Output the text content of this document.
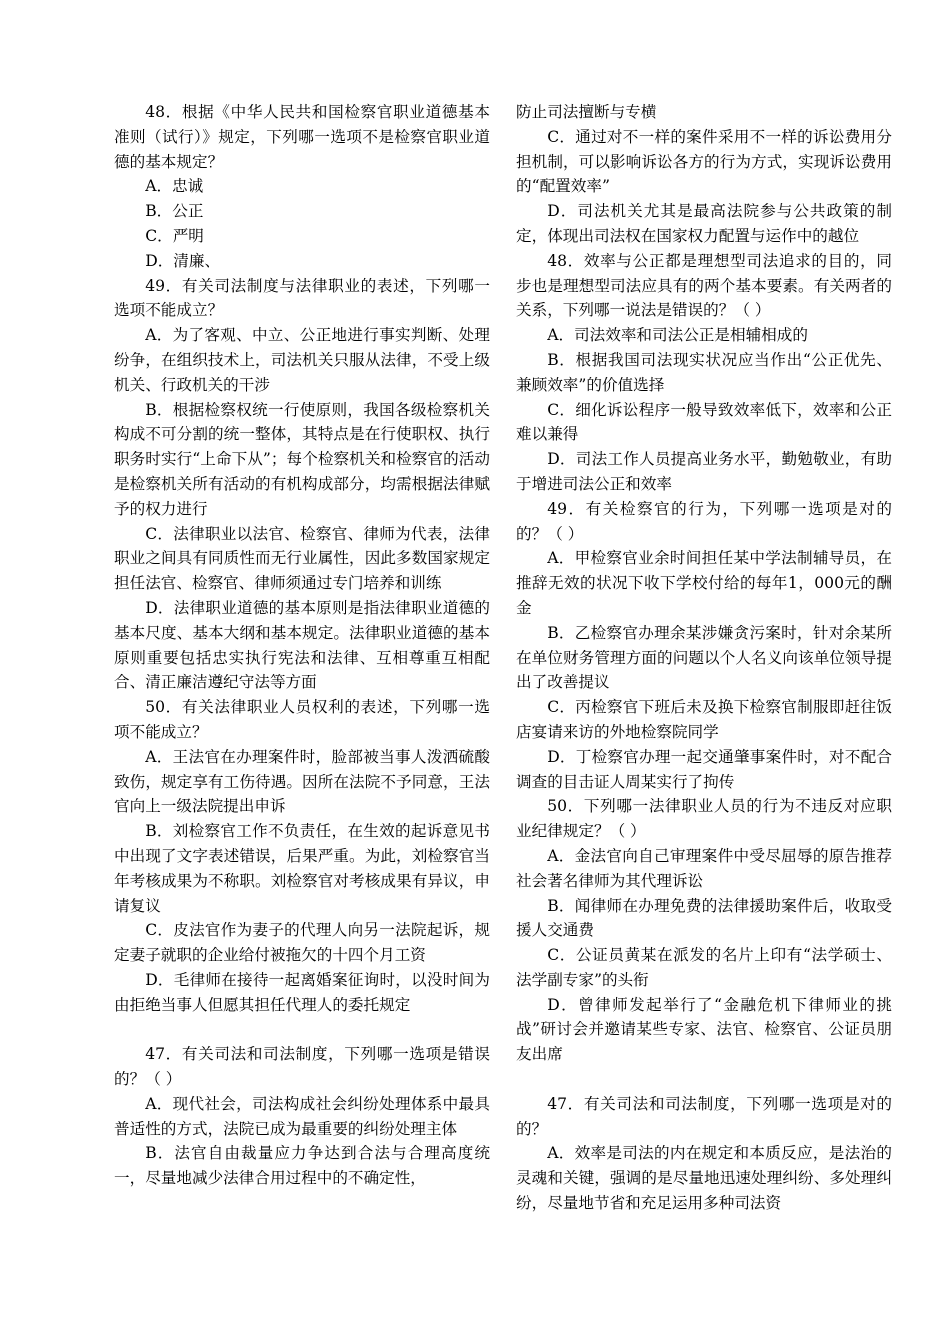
48．根据《中华人民共和国检察官职业道德基本准则（试行）》规定，下列哪一选项不是检察官职业道德的基本规定？

A．忠诚

B．公正

C．严明

D．清廉、

49．有关司法制度与法律职业的表述，下列哪一选项不能成立？

A．为了客观、中立、公正地进行事实判断、处理纷争，在组织技术上，司法机关只服从法律，不受上级机关、行政机关的干涉

B．根据检察权统一行使原则，我国各级检察机关构成不可分割的统一整体，其特点是在行使职权、执行职务时实行“上命下从”；每个检察机关和检察官的活动是检察机关所有活动的有机构成部分，均需根据法律赋予的权力进行

C．法律职业以法官、检察官、律师为代表，法律职业之间具有同质性而无行业属性，因此多数国家规定担任法官、检察官、律师须通过专门培养和训练

D．法律职业道德的基本原则是指法律职业道德的基本尺度、基本大纲和基本规定。法律职业道德的基本原则重要包括忠实执行宪法和法律、互相尊重互相配合、清正廉洁遵纪守法等方面

50．有关法律职业人员权利的表述，下列哪一选项不能成立？

A．王法官在办理案件时，脸部被当事人泼洒硫酸致伤，规定享有工伤待遇。因所在法院不予同意，王法官向上一级法院提出申诉

B．刘检察官工作不负责任，在生效的起诉意见书中出现了文字表述错误，后果严重。为此，刘检察官当年考核成果为不称职。刘检察官对考核成果有异议，申请复议

C．皮法官作为妻子的代理人向另一法院起诉，规定妻子就职的企业给付被拖欠的十四个月工资

D．毛律师在接待一起离婚案征询时，以没时间为由拒绝当事人但愿其担任代理人的委托规定

47．有关司法和司法制度，下列哪一选项是错误的？（ ）

A．现代社会，司法构成社会纠纷处理体系中最具普适性的方式，法院已成为最重要的纠纷处理主体

B．法官自由裁量应力争达到合法与合理高度统一，尽量地减少法律合用过程中的不确定性，

防止司法擅断与专横

C．通过对不一样的案件采用不一样的诉讼费用分担机制，可以影响诉讼各方的行为方式，实现诉讼费用的“配置效率”

D．司法机关尤其是最高法院参与公共政策的制定，体现出司法权在国家权力配置与运作中的越位

48．效率与公正都是理想型司法追求的目的，同步也是理想型司法应具有的两个基本要素。有关两者的关系，下列哪一说法是错误的？（ ）

A．司法效率和司法公正是相辅相成的

B．根据我国司法现实状况应当作出“公正优先、兼顾效率”的价值选择

C．细化诉讼程序一般导致效率低下，效率和公正难以兼得

D．司法工作人员提高业务水平，勤勉敬业，有助于增进司法公正和效率

49．有关检察官的行为，下列哪一选项是对的的？（ ）

A．甲检察官业余时间担任某中学法制辅导员，在推辞无效的状况下收下学校付给的每年1，000元的酬金

B．乙检察官办理余某涉嫌贪污案时，针对余某所在单位财务管理方面的问题以个人名义向该单位领导提出了改善提议

C．丙检察官下班后未及换下检察官制服即赶往饭店宴请来访的外地检察院同学

D．丁检察官办理一起交通肇事案件时，对不配合调查的目击证人周某实行了拘传

50．下列哪一法律职业人员的行为不违反对应职业纪律规定？（ ）

A．金法官向自己审理案件中受尽屈辱的原告推荐社会著名律师为其代理诉讼

B．闻律师在办理免费的法律援助案件后，收取受援人交通费

C．公证员黄某在派发的名片上印有“法学硕士、法学副专家”的头衔

D．曾律师发起举行了“金融危机下律师业的挑战”研讨会并邀请某些专家、法官、检察官、公证员朋友出席

47．有关司法和司法制度，下列哪一选项是对的的？

A．效率是司法的内在规定和本质反应，是法治的灵魂和关键，强调的是尽量地迅速处理纠纷、多处理纠纷，尽量地节省和充足运用多种司法资
